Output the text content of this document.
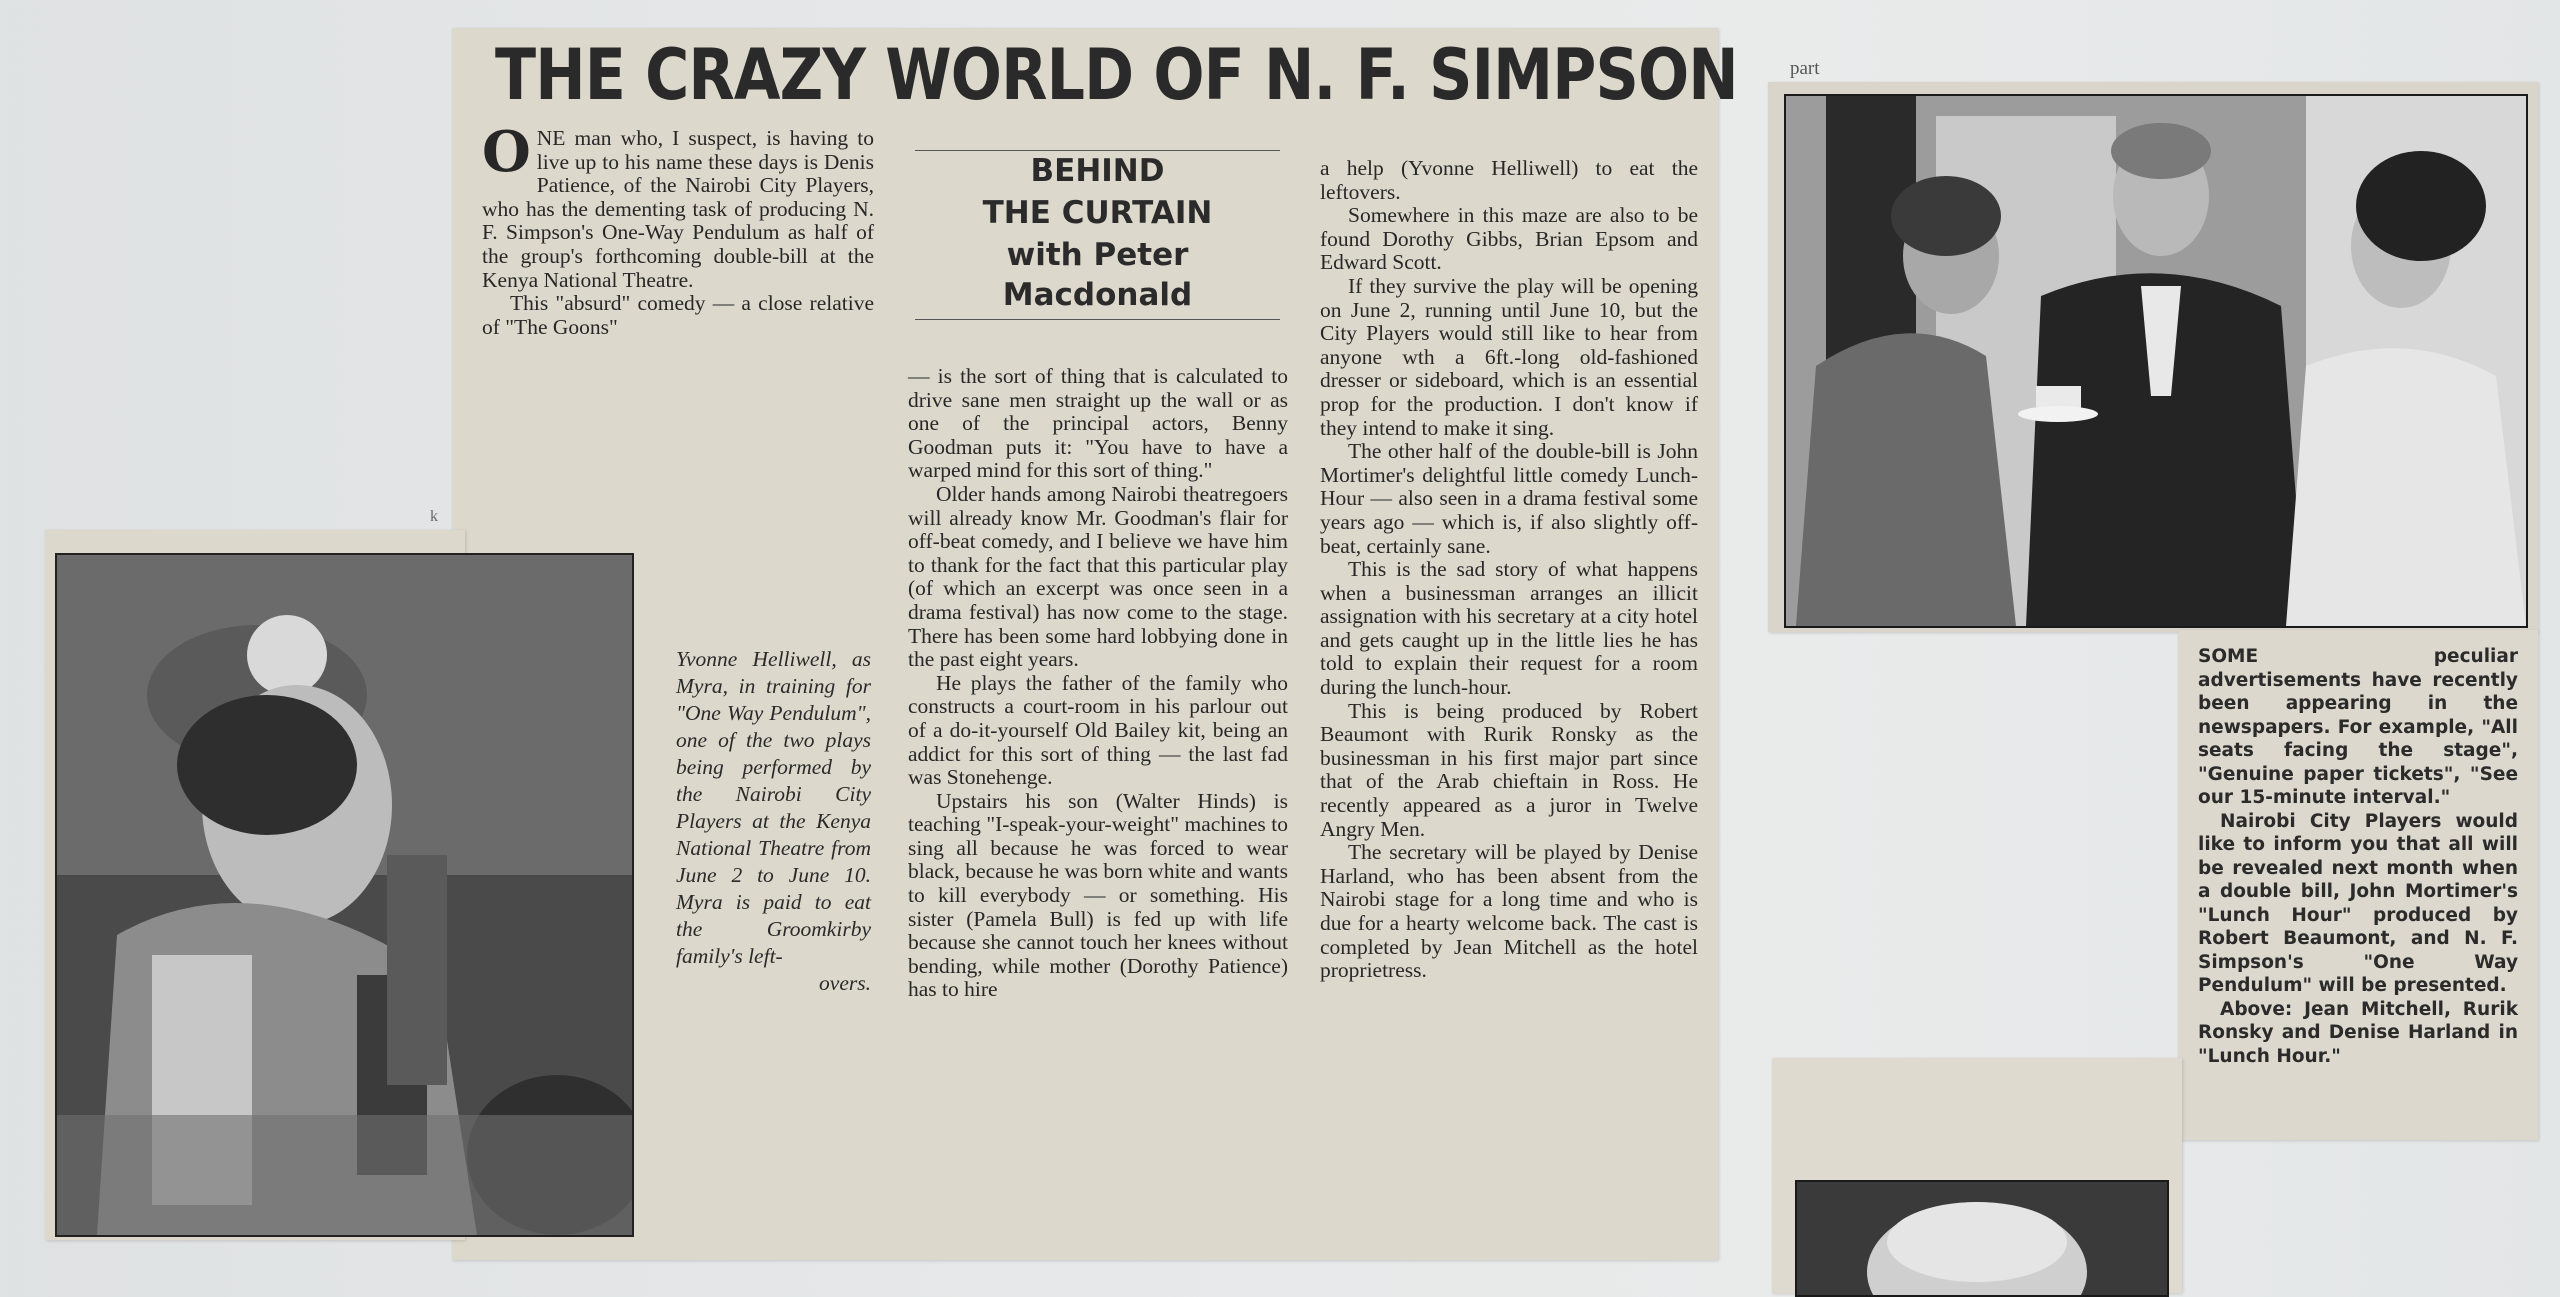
part
k
THE CRAZY WORLD OF N. F. SIMPSON

ONE man who, I suspect, is having to live up to his name these days is Denis Patience, of the Nairobi City Players, who has the dementing task of producing N. F. Simpson's One-Way Pendulum as half of the group's forthcoming double-bill at the Kenya National Theatre.

This "absurd" comedy — a close relative of "The Goons"

BEHIND
THE CURTAIN
with Peter
Macdonald

— is the sort of thing that is calculated to drive sane men straight up the wall or as one of the principal actors, Benny Goodman puts it: "You have to have a warped mind for this sort of thing."

Older hands among Nairobi theatregoers will already know Mr. Goodman's flair for off-beat comedy, and I believe we have him to thank for the fact that this particular play (of which an excerpt was once seen in a drama festival) has now come to the stage. There has been some hard lobbying done in the past eight years.

He plays the father of the family who constructs a court-room in his parlour out of a do-it-yourself Old Bailey kit, being an addict for this sort of thing — the last fad was Stonehenge.

Upstairs his son (Walter Hinds) is teaching "I-speak-your-weight" machines to sing all because he was forced to wear black, because he was born white and wants to kill everybody — or something. His sister (Pamela Bull) is fed up with life because she cannot touch her knees without bending, while mother (Dorothy Patience) has to hire

a help (Yvonne Helliwell) to eat the leftovers.

Somewhere in this maze are also to be found Dorothy Gibbs, Brian Epsom and Edward Scott.

If they survive the play will be opening on June 2, running until June 10, but the City Players would still like to hear from anyone wth a 6ft.-long old-fashioned dresser or sideboard, which is an essential prop for the production. I don't know if they intend to make it sing.

The other half of the double-bill is John Mortimer's delightful little comedy Lunch-Hour — also seen in a drama festival some years ago — which is, if also slightly off-beat, certainly sane.

This is the sad story of what happens when a businessman arranges an illicit assignation with his secretary at a city hotel and gets caught up in the little lies he has told to explain their request for a room during the lunch-hour.

This is being produced by Robert Beaumont with Rurik Ronsky as the businessman in his first major part since that of the Arab chieftain in Ross. He recently appeared as a juror in Twelve Angry Men.

The secretary will be played by Denise Harland, who has been absent from the Nairobi stage for a long time and who is due for a hearty welcome back. The cast is completed by Jean Mitchell as the hotel proprietress.

Yvonne Helliwell, as Myra, in training for "One Way Pendulum", one of the two plays being performed by the Nairobi City Players at the Kenya National Theatre from June 2 to June 10. Myra is paid to eat the Groomkirby family's left-
overs.

SOME peculiar advertisements have recently been appearing in the newspapers. For example, "All seats facing the stage", "Genuine paper tickets", "See our 15-minute interval."

Nairobi City Players would like to inform you that all will be revealed next month when a double bill, John Mortimer's "Lunch Hour" produced by Robert Beaumont, and N. F. Simpson's "One Way Pendulum" will be presented.

Above: Jean Mitchell, Rurik Ronsky and Denise Harland in "Lunch Hour."
